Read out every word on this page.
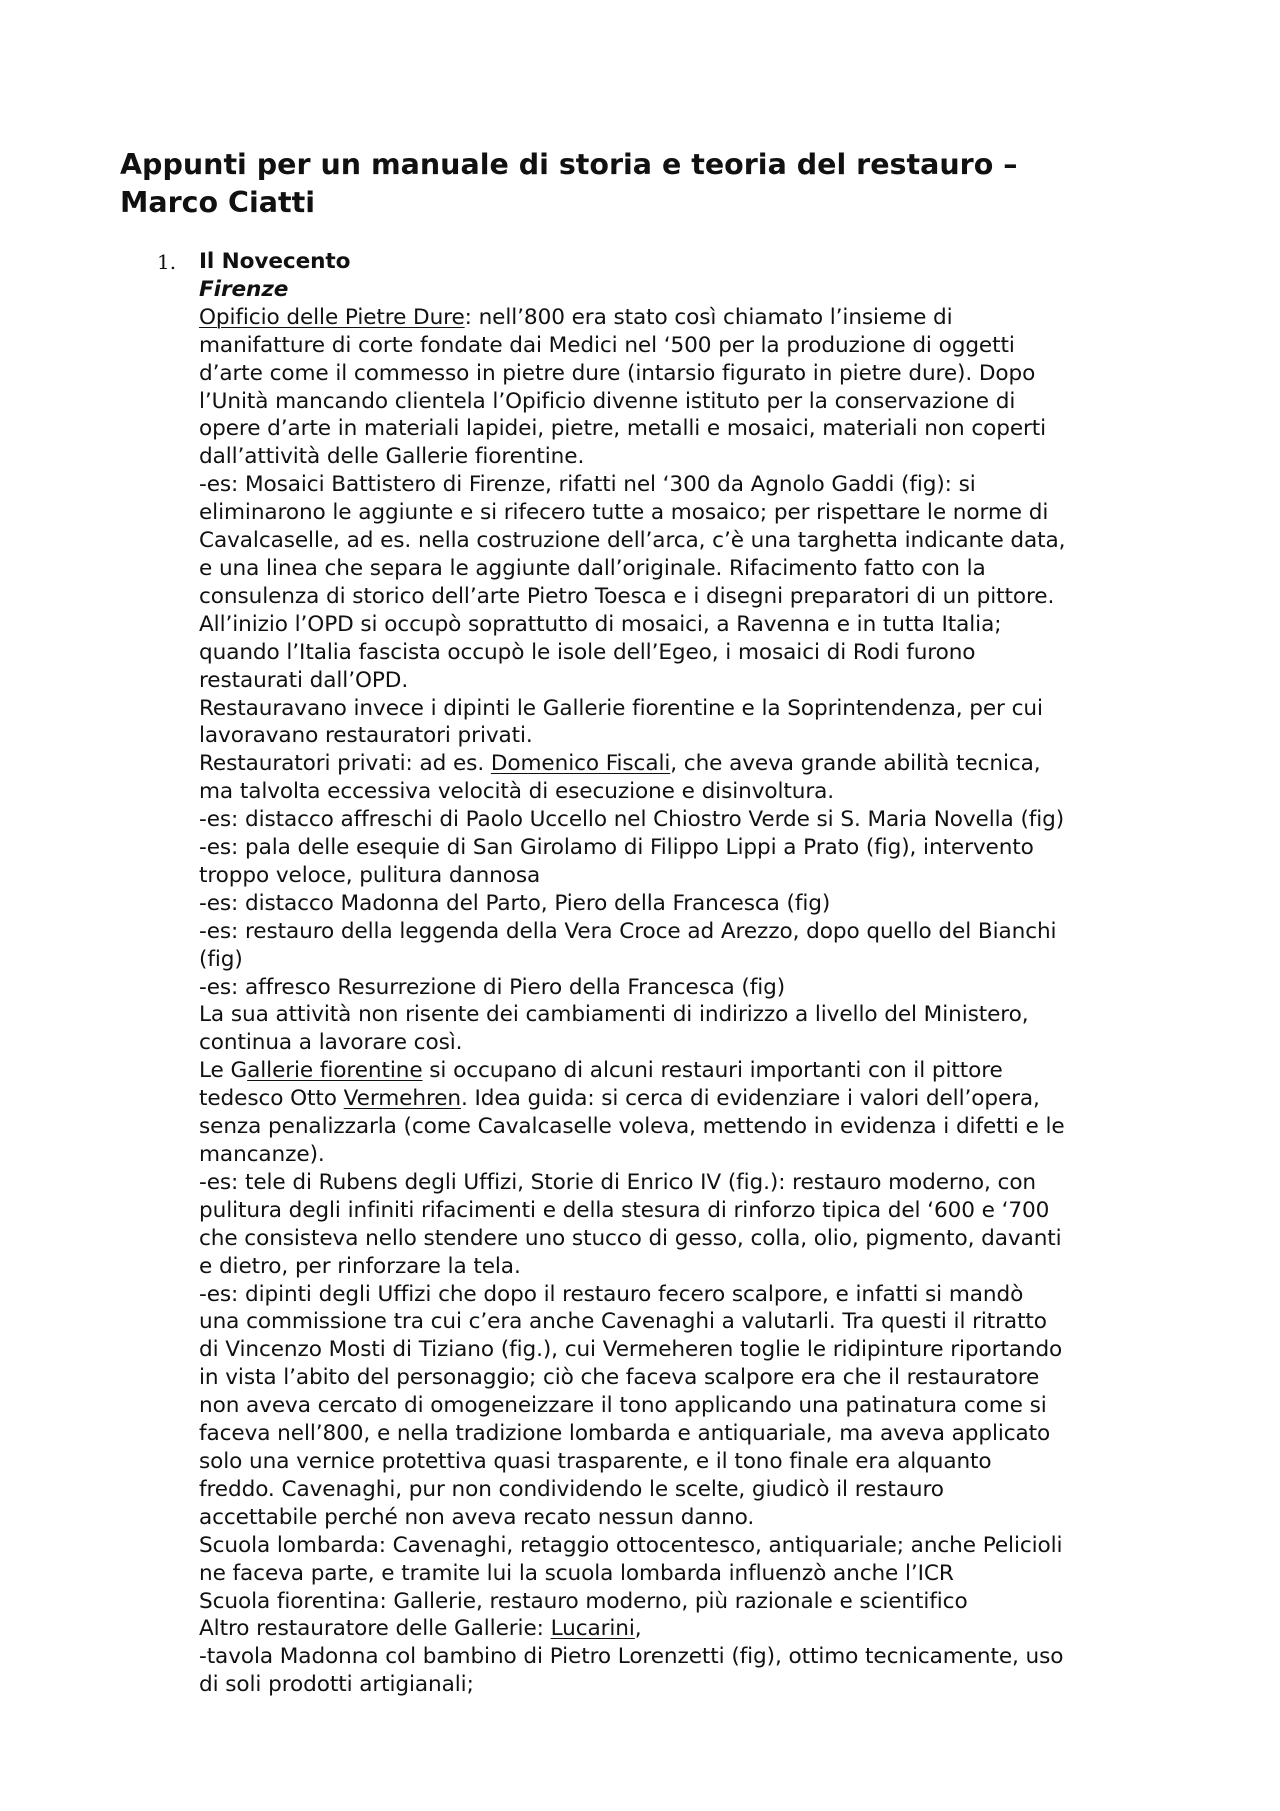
Appunti per un manuale di storia e teoria del restauro –
Marco Ciatti
1. Il Novecento
Firenze
Opificio delle Pietre Dure: nell’800 era stato così chiamato l’insieme di
manifatture di corte fondate dai Medici nel ‘500 per la produzione di oggetti
d’arte come il commesso in pietre dure (intarsio figurato in pietre dure). Dopo
l’Unità mancando clientela l’Opificio divenne istituto per la conservazione di
opere d’arte in materiali lapidei, pietre, metalli e mosaici, materiali non coperti
dall’attività delle Gallerie fiorentine.
-es: Mosaici Battistero di Firenze, rifatti nel ‘300 da Agnolo Gaddi (fig): si
eliminarono le aggiunte e si rifecero tutte a mosaico; per rispettare le norme di
Cavalcaselle, ad es. nella costruzione dell’arca, c’è una targhetta indicante data,
e una linea che separa le aggiunte dall’originale. Rifacimento fatto con la
consulenza di storico dell’arte Pietro Toesca e i disegni preparatori di un pittore.
All’inizio l’OPD si occupò soprattutto di mosaici, a Ravenna e in tutta Italia;
quando l’Italia fascista occupò le isole dell’Egeo, i mosaici di Rodi furono
restaurati dall’OPD.
Restauravano invece i dipinti le Gallerie fiorentine e la Soprintendenza, per cui
lavoravano restauratori privati.
Restauratori privati: ad es. Domenico Fiscali, che aveva grande abilità tecnica,
ma talvolta eccessiva velocità di esecuzione e disinvoltura.
-es: distacco affreschi di Paolo Uccello nel Chiostro Verde si S. Maria Novella (fig)
-es: pala delle esequie di San Girolamo di Filippo Lippi a Prato (fig), intervento
troppo veloce, pulitura dannosa
-es: distacco Madonna del Parto, Piero della Francesca (fig)
-es: restauro della leggenda della Vera Croce ad Arezzo, dopo quello del Bianchi
(fig)
-es: affresco Resurrezione di Piero della Francesca (fig)
La sua attività non risente dei cambiamenti di indirizzo a livello del Ministero,
continua a lavorare così.
Le Gallerie fiorentine si occupano di alcuni restauri importanti con il pittore
tedesco Otto Vermehren. Idea guida: si cerca di evidenziare i valori dell’opera,
senza penalizzarla (come Cavalcaselle voleva, mettendo in evidenza i difetti e le
mancanze).
-es: tele di Rubens degli Uffizi, Storie di Enrico IV (fig.): restauro moderno, con
pulitura degli infiniti rifacimenti e della stesura di rinforzo tipica del ‘600 e ‘700
che consisteva nello stendere uno stucco di gesso, colla, olio, pigmento, davanti
e dietro, per rinforzare la tela.
-es: dipinti degli Uffizi che dopo il restauro fecero scalpore, e infatti si mandò
una commissione tra cui c’era anche Cavenaghi a valutarli. Tra questi il ritratto
di Vincenzo Mosti di Tiziano (fig.), cui Vermeheren toglie le ridipinture riportando
in vista l’abito del personaggio; ciò che faceva scalpore era che il restauratore
non aveva cercato di omogeneizzare il tono applicando una patinatura come si
faceva nell’800, e nella tradizione lombarda e antiquariale, ma aveva applicato
solo una vernice protettiva quasi trasparente, e il tono finale era alquanto
freddo. Cavenaghi, pur non condividendo le scelte, giudicò il restauro
accettabile perché non aveva recato nessun danno.
Scuola lombarda: Cavenaghi, retaggio ottocentesco, antiquariale; anche Pelicioli
ne faceva parte, e tramite lui la scuola lombarda influenzò anche l’ICR
Scuola fiorentina: Gallerie, restauro moderno, più razionale e scientifico
Altro restauratore delle Gallerie: Lucarini,
-tavola Madonna col bambino di Pietro Lorenzetti (fig), ottimo tecnicamente, uso
di soli prodotti artigianali;
